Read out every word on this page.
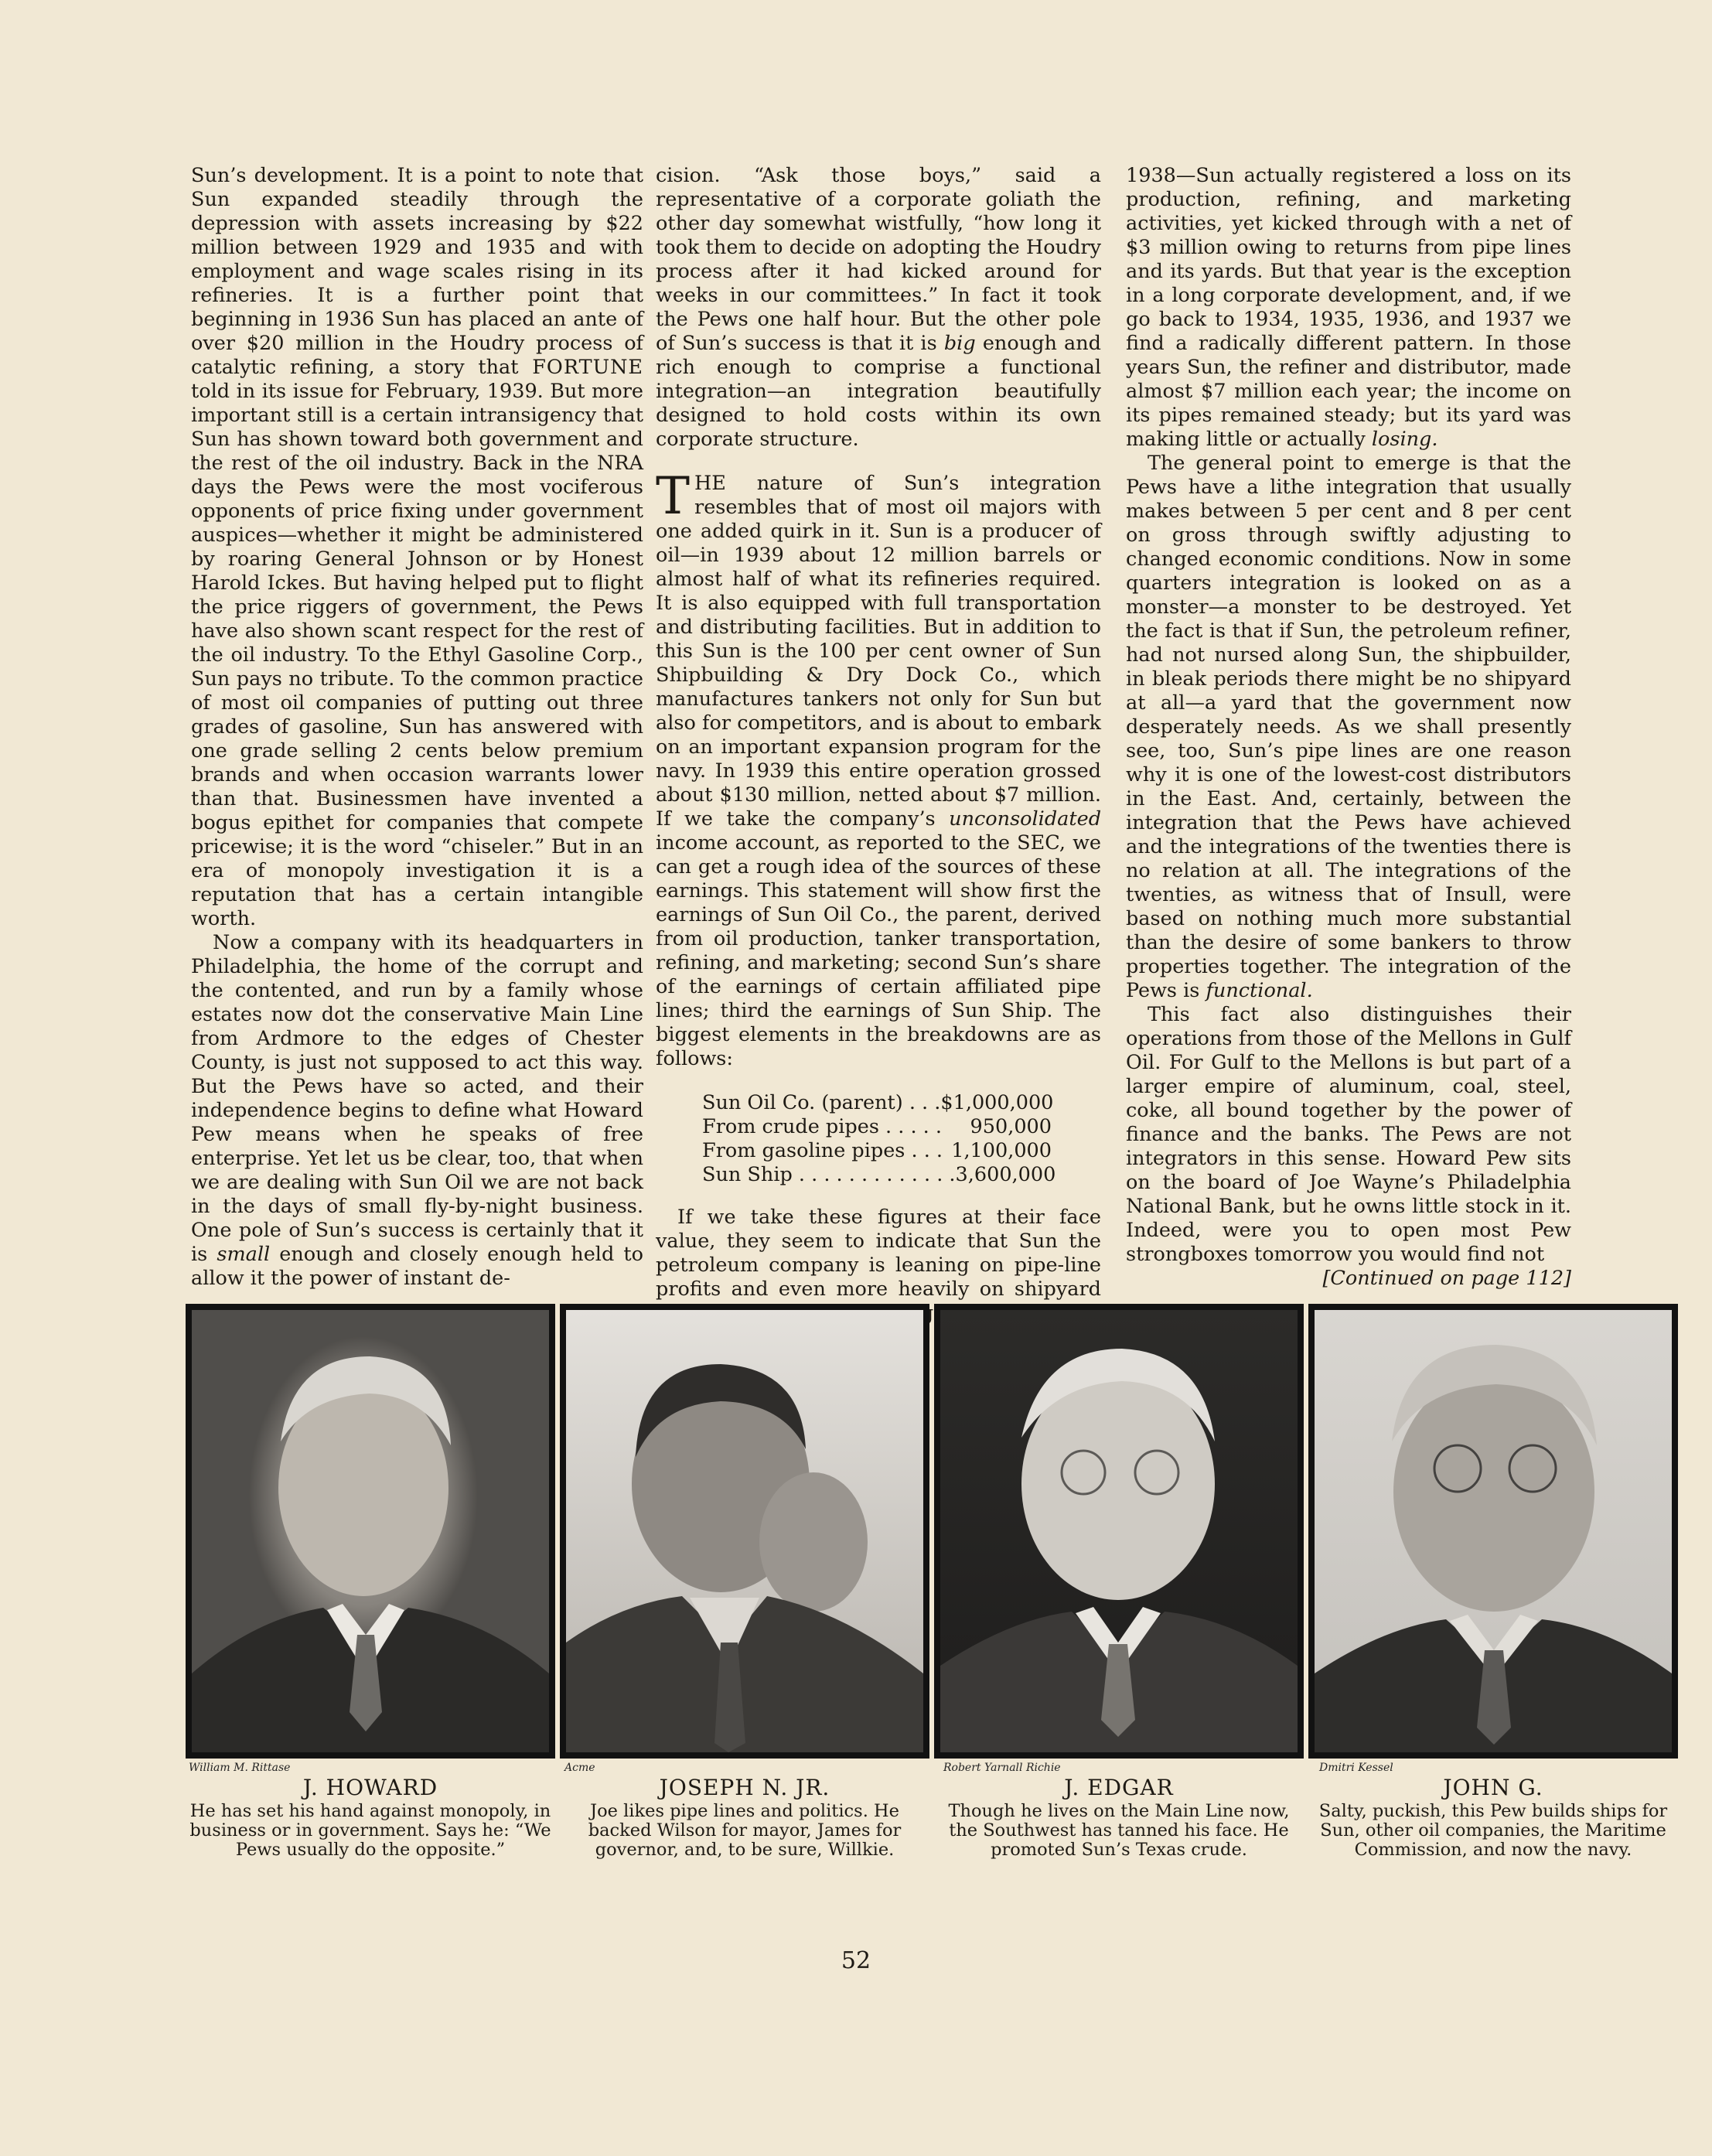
Sun’s development. It is a point to note that Sun expanded steadily through the depression with assets increasing by $22 million between 1929 and 1935 and with employment and wage scales rising in its refineries. It is a further point that beginning in 1936 Sun has placed an ante of over $20 million in the Houdry process of catalytic refining, a story that FORTUNE told in its issue for February, 1939. But more important still is a certain intransigency that Sun has shown toward both government and the rest of the oil industry. Back in the NRA days the Pews were the most vociferous opponents of price fixing under government auspices—whether it might be administered by roaring General Johnson or by Honest Harold Ickes. But having helped put to flight the price riggers of government, the Pews have also shown scant respect for the rest of the oil industry. To the Ethyl Gasoline Corp., Sun pays no tribute. To the common practice of most oil companies of putting out three grades of gasoline, Sun has answered with one grade selling 2 cents below premium brands and when occasion warrants lower than that. Businessmen have invented a bogus epithet for companies that compete pricewise; it is the word “chiseler.” But in an era of monopoly investigation it is a reputation that has a certain intangible worth.

Now a company with its headquarters in Philadelphia, the home of the corrupt and the contented, and run by a family whose estates now dot the conservative Main Line from Ardmore to the edges of Chester County, is just not supposed to act this way. But the Pews have so acted, and their independence begins to define what Howard Pew means when he speaks of free enterprise. Yet let us be clear, too, that when we are dealing with Sun Oil we are not back in the days of small fly-by-night business. One pole of Sun’s success is certainly that it is small enough and closely enough held to allow it the power of instant de-

cision. “Ask those boys,” said a representative of a corporate goliath the other day somewhat wistfully, “how long it took them to decide on adopting the Houdry process after it had kicked around for weeks in our committees.” In fact it took the Pews one half hour. But the other pole of Sun’s success is that it is big enough and rich enough to comprise a functional integration—an integration beautifully designed to hold costs within its own corporate structure.

THE nature of Sun’s integration resembles that of most oil majors with one added quirk in it. Sun is a producer of oil—in 1939 about 12 million barrels or almost half of what its refineries required. It is also equipped with full transportation and distributing facilities. But in addition to this Sun is the 100 per cent owner of Sun Shipbuilding & Dry Dock Co., which manufactures tankers not only for Sun but also for competitors, and is about to embark on an important expansion program for the navy. In 1939 this entire operation grossed about $130 million, netted about $7 million. If we take the company’s unconsolidated income account, as reported to the SEC, we can get a rough idea of the sources of these earnings. This statement will show first the earnings of Sun Oil Co., the parent, derived from oil production, tanker transportation, refining, and marketing; second Sun’s share of the earnings of certain affiliated pipe lines; third the earnings of Sun Ship. The biggest elements in the breakdowns are as follows:

Sun Oil Co. (parent) . . . $1,000,000
From crude pipes . . . . . 950,000
From gasoline pipes . . . 1,100,000
Sun Ship . . . . . . . . . . . . . 3,600,000

If we take these figures at their face value, they seem to indicate that Sun the petroleum company is leaning on pipe-line profits and even more heavily on shipyard

1938—Sun actually registered a loss on its production, refining, and marketing activities, yet kicked through with a net of $3 million owing to returns from pipe lines and its yards. But that year is the exception in a long corporate development, and, if we go back to 1934, 1935, 1936, and 1937 we find a radically different pattern. In those years Sun, the refiner and distributor, made almost $7 million each year; the income on its pipes remained steady; but its yard was making little or actually losing.

The general point to emerge is that the Pews have a lithe integration that usually makes between 5 per cent and 8 per cent on gross through swiftly adjusting to changed economic conditions. Now in some quarters integration is looked on as a monster—a monster to be destroyed. Yet the fact is that if Sun, the petroleum refiner, had not nursed along Sun, the shipbuilder, in bleak periods there might be no shipyard at all—a yard that the government now desperately needs. As we shall presently see, too, Sun’s pipe lines are one reason why it is one of the lowest-cost distributors in the East. And, certainly, between the integration that the Pews have achieved and the integrations of the twenties there is no relation at all. The integrations of the twenties, as witness that of Insull, were based on nothing much more substantial than the desire of some bankers to throw properties together. The integration of the Pews is functional.

This fact also distinguishes their operations from those of the Mellons in Gulf Oil. For Gulf to the Mellons is but part of a larger empire of aluminum, coal, steel, coke, all bound together by the power of finance and the banks. The Pews are not integrators in this sense. Howard Pew sits on the board of Joe Wayne’s Philadelphia National Bank, but he owns little stock in it. Indeed, were you to open most Pew strongboxes tomorrow you would find not

[Continued on page 112]

William M. Rittase	Acme	Robert Yarnall Richie	Dmitri Kessel
J. HOWARD
He has set his hand against monopoly, in business or in government. Says he: “We Pews usually do the opposite.”
JOSEPH N. JR.
Joe likes pipe lines and politics. He backed Wilson for mayor, James for governor, and, to be sure, Willkie.
J. EDGAR
Though he lives on the Main Line now, the Southwest has tanned his face. He promoted Sun’s Texas crude.
JOHN G.
Salty, puckish, this Pew builds ships for Sun, other oil companies, the Maritime Commission, and now the navy.
52
